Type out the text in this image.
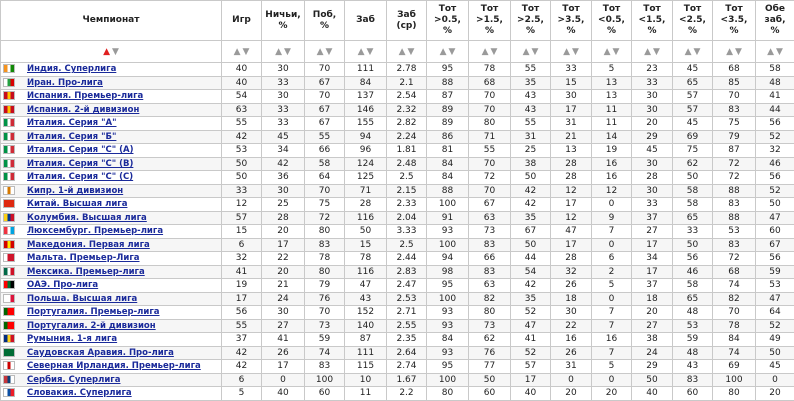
Чемпионат	Игр	Ничьи, %	Поб, %	Заб	Заб (ср)	Тот >0.5, %	Тот >1.5, %	Тот >2.5, %	Тот >3.5, %	Тот <0.5, %	Тот <1.5, %	Тот <2.5, %	Тот <3.5, %	Обе заб, %
▲ ▼	▲ ▼	▲ ▼	▲ ▼	▲ ▼	▲ ▼	▲ ▼	▲ ▼	▲ ▼	▲ ▼	▲ ▼	▲ ▼	▲ ▼	▲ ▼	▲ ▼
Индия. Суперлига	40	30	70	111	2.78	95	78	55	33	5	23	45	68	58
Иран. Про-лига	40	33	67	84	2.1	88	68	35	15	13	33	65	85	48
Испания. Премьер-лига	54	30	70	137	2.54	87	70	43	30	13	30	57	70	41
Испания. 2-й дивизион	63	33	67	146	2.32	89	70	43	17	11	30	57	83	44
Италия. Серия "А"	55	33	67	155	2.82	89	80	55	31	11	20	45	75	56
Италия. Серия "Б"	42	45	55	94	2.24	86	71	31	21	14	29	69	79	52
Италия. Серия "С" (А)	53	34	66	96	1.81	81	55	25	13	19	45	75	87	32
Италия. Серия "С" (В)	50	42	58	124	2.48	84	70	38	28	16	30	62	72	46
Италия. Серия "С" (С)	50	36	64	125	2.5	84	72	50	28	16	28	50	72	56
Кипр. 1-й дивизион	33	30	70	71	2.15	88	70	42	12	12	30	58	88	52
Китай. Высшая лига	12	25	75	28	2.33	100	67	42	17	0	33	58	83	50
Колумбия. Высшая лига	57	28	72	116	2.04	91	63	35	12	9	37	65	88	47
Люксембург. Премьер-лига	15	20	80	50	3.33	93	73	67	47	7	27	33	53	60
Македония. Первая лига	6	17	83	15	2.5	100	83	50	17	0	17	50	83	67
Мальта. Премьер-Лига	32	22	78	78	2.44	94	66	44	28	6	34	56	72	56
Мексика. Премьер-лига	41	20	80	116	2.83	98	83	54	32	2	17	46	68	59
ОАЭ. Про-лига	19	21	79	47	2.47	95	63	42	26	5	37	58	74	53
Польша. Высшая лига	17	24	76	43	2.53	100	82	35	18	0	18	65	82	47
Португалия. Премьер-лига	56	30	70	152	2.71	93	80	52	30	7	20	48	70	64
Португалия. 2-й дивизион	55	27	73	140	2.55	93	73	47	22	7	27	53	78	52
Румыния. 1-я лига	37	41	59	87	2.35	84	62	41	16	16	38	59	84	49
Саудовская Аравия. Про-лига	42	26	74	111	2.64	93	76	52	26	7	24	48	74	50
Северная Ирландия. Премьер-лига	42	17	83	115	2.74	95	77	57	31	5	29	43	69	45
Сербия. Суперлига	6	0	100	10	1.67	100	50	17	0	0	50	83	100	0
Словакия. Суперлига	5	40	60	11	2.2	80	60	40	20	20	40	60	80	20
